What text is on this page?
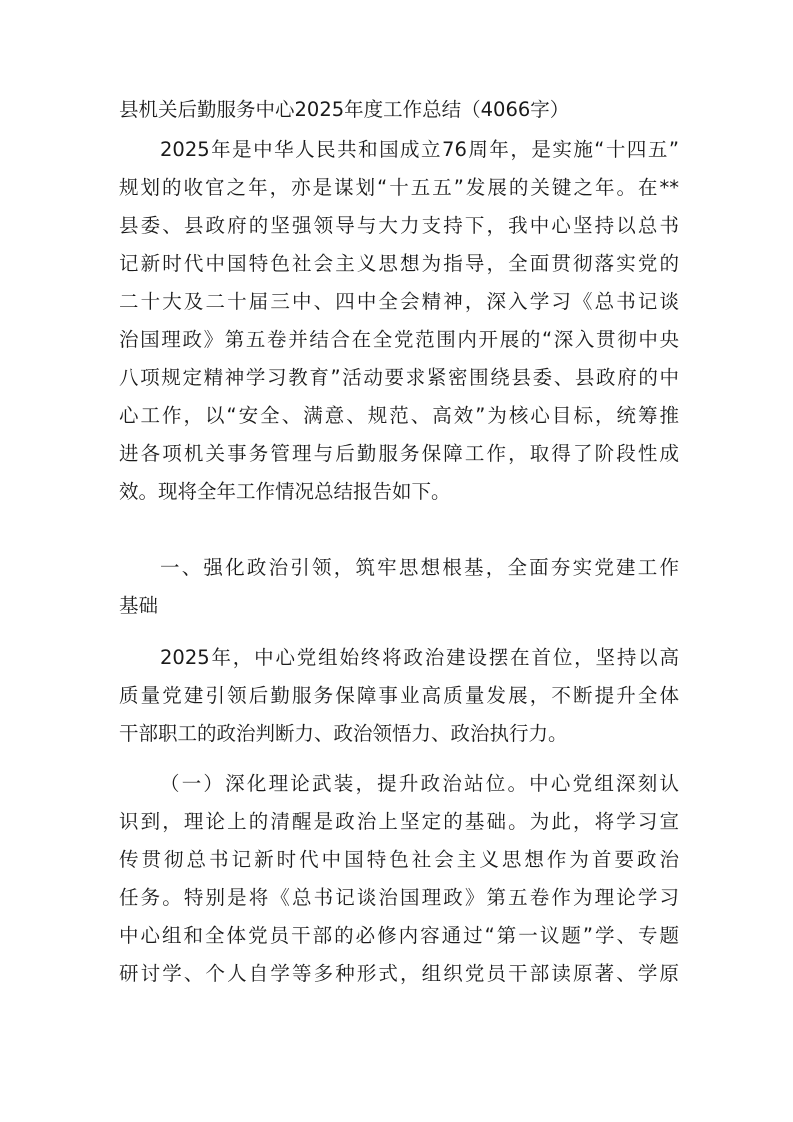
县机关后勤服务中心2025年度工作总结（4066字）
2025年是中华人民共和国成立76周年，是实施“十四五”
规划的收官之年，亦是谋划“十五五”发展的关键之年。在**
县委、县政府的坚强领导与大力支持下，我中心坚持以总书
记新时代中国特色社会主义思想为指导，全面贯彻落实党的
二十大及二十届三中、四中全会精神，深入学习《总书记谈
治国理政》第五卷并结合在全党范围内开展的“深入贯彻中央
八项规定精神学习教育”活动要求紧密围绕县委、县政府的中
心工作，以“安全、满意、规范、高效”为核心目标，统筹推
进各项机关事务管理与后勤服务保障工作，取得了阶段性成
效。现将全年工作情况总结报告如下。
一、强化政治引领，筑牢思想根基，全面夯实党建工作
基础
2025年，中心党组始终将政治建设摆在首位，坚持以高
质量党建引领后勤服务保障事业高质量发展，不断提升全体
干部职工的政治判断力、政治领悟力、政治执行力。
（一）深化理论武装，提升政治站位。中心党组深刻认
识到，理论上的清醒是政治上坚定的基础。为此，将学习宣
传贯彻总书记新时代中国特色社会主义思想作为首要政治
任务。特别是将《总书记谈治国理政》第五卷作为理论学习
中心组和全体党员干部的必修内容通过“第一议题”学、专题
研讨学、个人自学等多种形式，组织党员干部读原著、学原
